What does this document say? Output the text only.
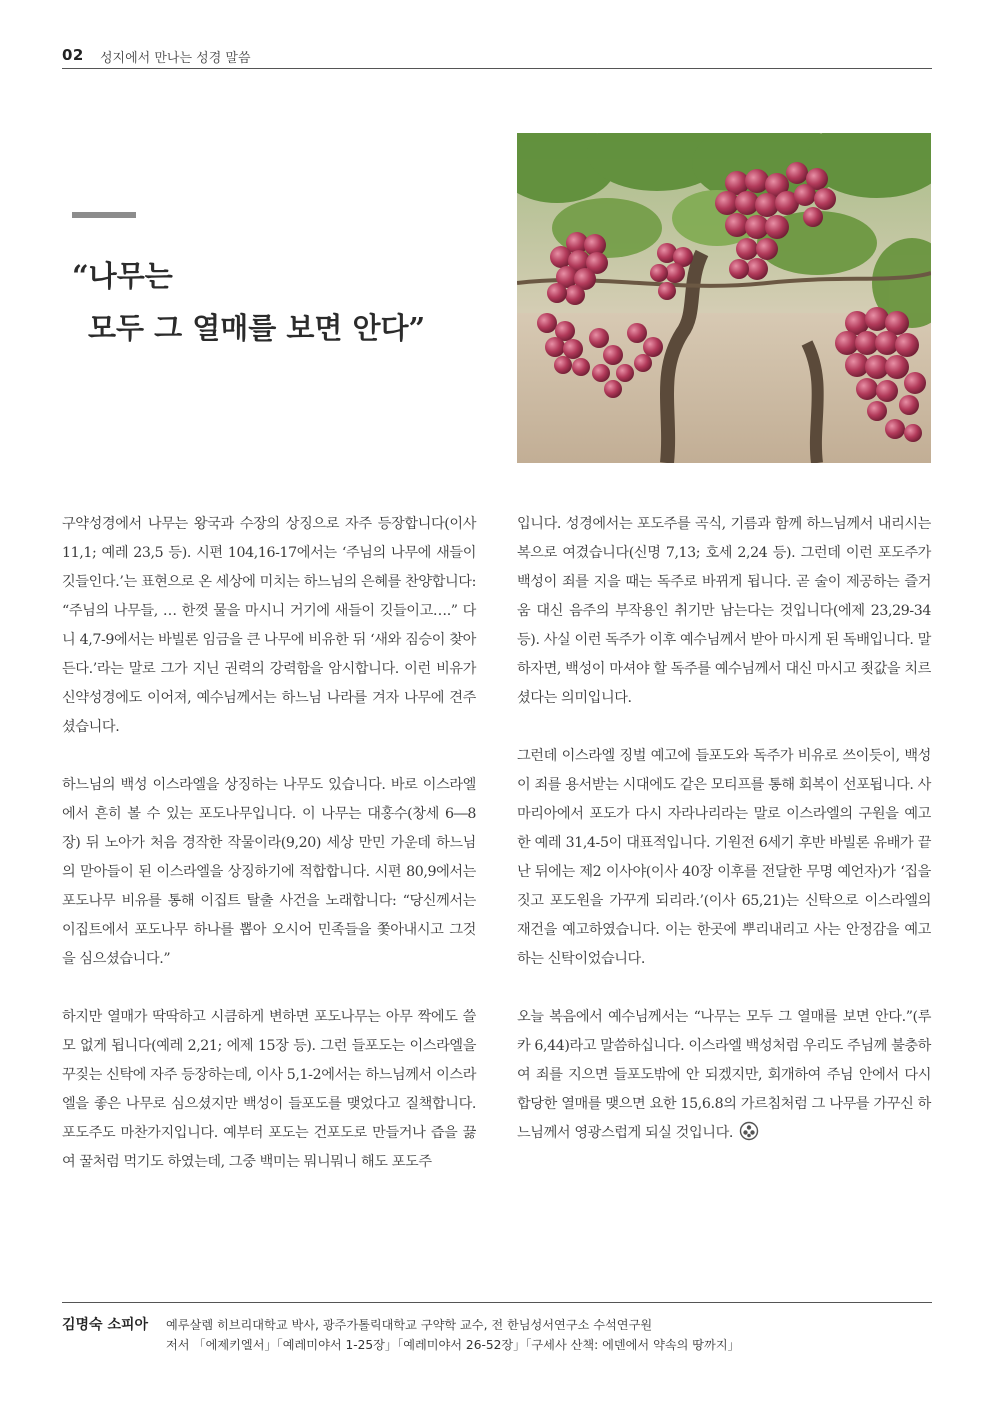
02 성지에서 만나는 성경 말씀
“나무는
모두 그 열매를 보면 안다”

구약성경에서 나무는 왕국과 수장의 상징으로 자주 등장합니다(이사 11,1; 예레 23,5 등). 시편 104,16-17에서는 ‘주님의 나무에 새들이 깃들인다.’는 표현으로 온 세상에 미치는 하느님의 은혜를 찬양합니다: “주님의 나무들, … 한껏 물을 마시니 거기에 새들이 깃들이고….” 다니 4,7-9에서는 바빌론 임금을 큰 나무에 비유한 뒤 ‘새와 짐승이 찾아든다.’라는 말로 그가 지닌 권력의 강력함을 암시합니다. 이런 비유가 신약성경에도 이어져, 예수님께서는 하느님 나라를 겨자 나무에 견주셨습니다.

하느님의 백성 이스라엘을 상징하는 나무도 있습니다. 바로 이스라엘에서 흔히 볼 수 있는 포도나무입니다. 이 나무는 대홍수(창세 6―8장) 뒤 노아가 처음 경작한 작물이라(9,20) 세상 만민 가운데 하느님의 맏아들이 된 이스라엘을 상징하기에 적합합니다. 시편 80,9에서는 포도나무 비유를 통해 이집트 탈출 사건을 노래합니다: “당신께서는 이집트에서 포도나무 하나를 뽑아 오시어 민족들을 쫓아내시고 그것을 심으셨습니다.”

하지만 열매가 딱딱하고 시큼하게 변하면 포도나무는 아무 짝에도 쓸모 없게 됩니다(예레 2,21; 에제 15장 등). 그런 들포도는 이스라엘을 꾸짖는 신탁에 자주 등장하는데, 이사 5,1-2에서는 하느님께서 이스라엘을 좋은 나무로 심으셨지만 백성이 들포도를 맺었다고 질책합니다. 포도주도 마찬가지입니다. 예부터 포도는 건포도로 만들거나 즙을 끓여 꿀처럼 먹기도 하였는데, 그중 백미는 뭐니뭐니 해도 포도주

입니다. 성경에서는 포도주를 곡식, 기름과 함께 하느님께서 내리시는 복으로 여겼습니다(신명 7,13; 호세 2,24 등). 그런데 이런 포도주가 백성이 죄를 지을 때는 독주로 바뀌게 됩니다. 곧 술이 제공하는 즐거움 대신 음주의 부작용인 취기만 남는다는 것입니다(에제 23,29-34 등). 사실 이런 독주가 이후 예수님께서 받아 마시게 된 독배입니다. 말하자면, 백성이 마셔야 할 독주를 예수님께서 대신 마시고 죗값을 치르셨다는 의미입니다.

그런데 이스라엘 징벌 예고에 들포도와 독주가 비유로 쓰이듯이, 백성이 죄를 용서받는 시대에도 같은 모티프를 통해 회복이 선포됩니다. 사마리아에서 포도가 다시 자라나리라는 말로 이스라엘의 구원을 예고한 예레 31,4-5이 대표적입니다. 기원전 6세기 후반 바빌론 유배가 끝난 뒤에는 제2 이사야(이사 40장 이후를 전달한 무명 예언자)가 ‘집을 짓고 포도원을 가꾸게 되리라.’(이사 65,21)는 신탁으로 이스라엘의 재건을 예고하였습니다. 이는 한곳에 뿌리내리고 사는 안정감을 예고하는 신탁이었습니다.

오늘 복음에서 예수님께서는 “나무는 모두 그 열매를 보면 안다.”(루카 6,44)라고 말씀하십니다. 이스라엘 백성처럼 우리도 주님께 불충하여 죄를 지으면 들포도밖에 안 되겠지만, 회개하여 주님 안에서 다시 합당한 열매를 맺으면 요한 15,6.8의 가르침처럼 그 나무를 가꾸신 하느님께서 영광스럽게 되실 것입니다.

김명숙 소피아 예루살렘 히브리대학교 박사, 광주가톨릭대학교 구약학 교수, 전 한님성서연구소 수석연구원
저서 「에제키엘서」「예레미야서 1-25장」「예레미야서 26-52장」「구세사 산책: 에덴에서 약속의 땅까지」
